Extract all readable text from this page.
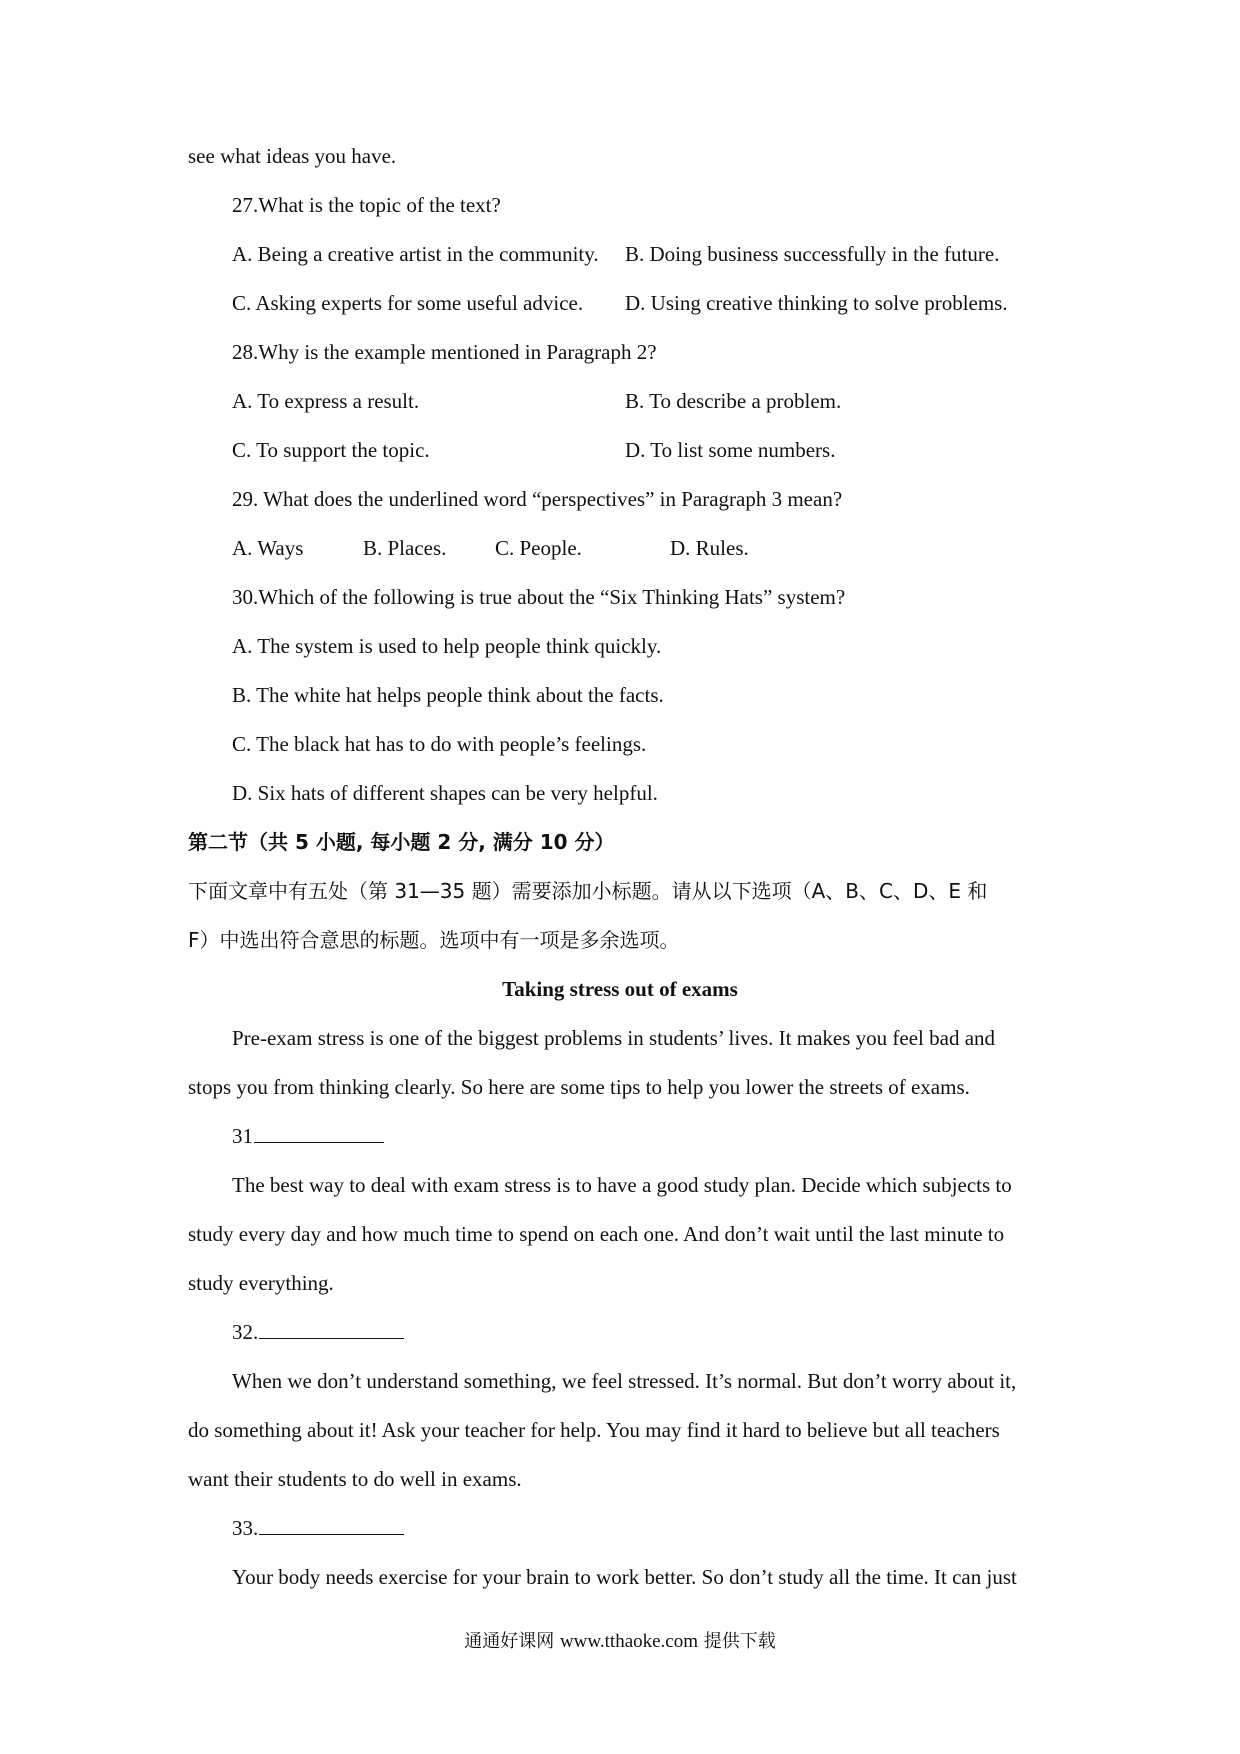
see what ideas you have.
27.What is the topic of the text?
A. Being a creative artist in the community. B. Doing business successfully in the future.
C. Asking experts for some useful advice. D. Using creative thinking to solve problems.
28.Why is the example mentioned in Paragraph 2?
A. To express a result.	B. To describe a problem.
C. To support the topic.	D. To list some numbers.
29. What does the underlined word “perspectives” in Paragraph 3 mean?
A. Ways	B. Places. C. People.	D. Rules.
30.Which of the following is true about the “Six Thinking Hats” system?
A. The system is used to help people think quickly.
B. The white hat helps people think about the facts.
C. The black hat has to do with people’s feelings.
D. Six hats of different shapes can be very helpful.
第二节（共 5 小题, 每小题 2 分, 满分 10 分）
下面文章中有五处（第 31—35 题）需要添加小标题。请从以下选项（A、B、C、D、E 和
F）中选出符合意思的标题。选项中有一项是多余选项。
Taking stress out of exams
Pre-exam stress is one of the biggest problems in students’ lives. It makes you feel bad and
stops you from thinking clearly. So here are some tips to help you lower the streets of exams.
31
The best way to deal with exam stress is to have a good study plan. Decide which subjects to
study every day and how much time to spend on each one. And don’t wait until the last minute to
study everything.
32.
When we don’t understand something, we feel stressed. It’s normal. But don’t worry about it,
do something about it! Ask your teacher for help. You may find it hard to believe but all teachers
want their students to do well in exams.
33.
Your body needs exercise for your brain to work better. So don’t study all the time. It can just
通通好课网 www.tthaoke.com 提供下载
